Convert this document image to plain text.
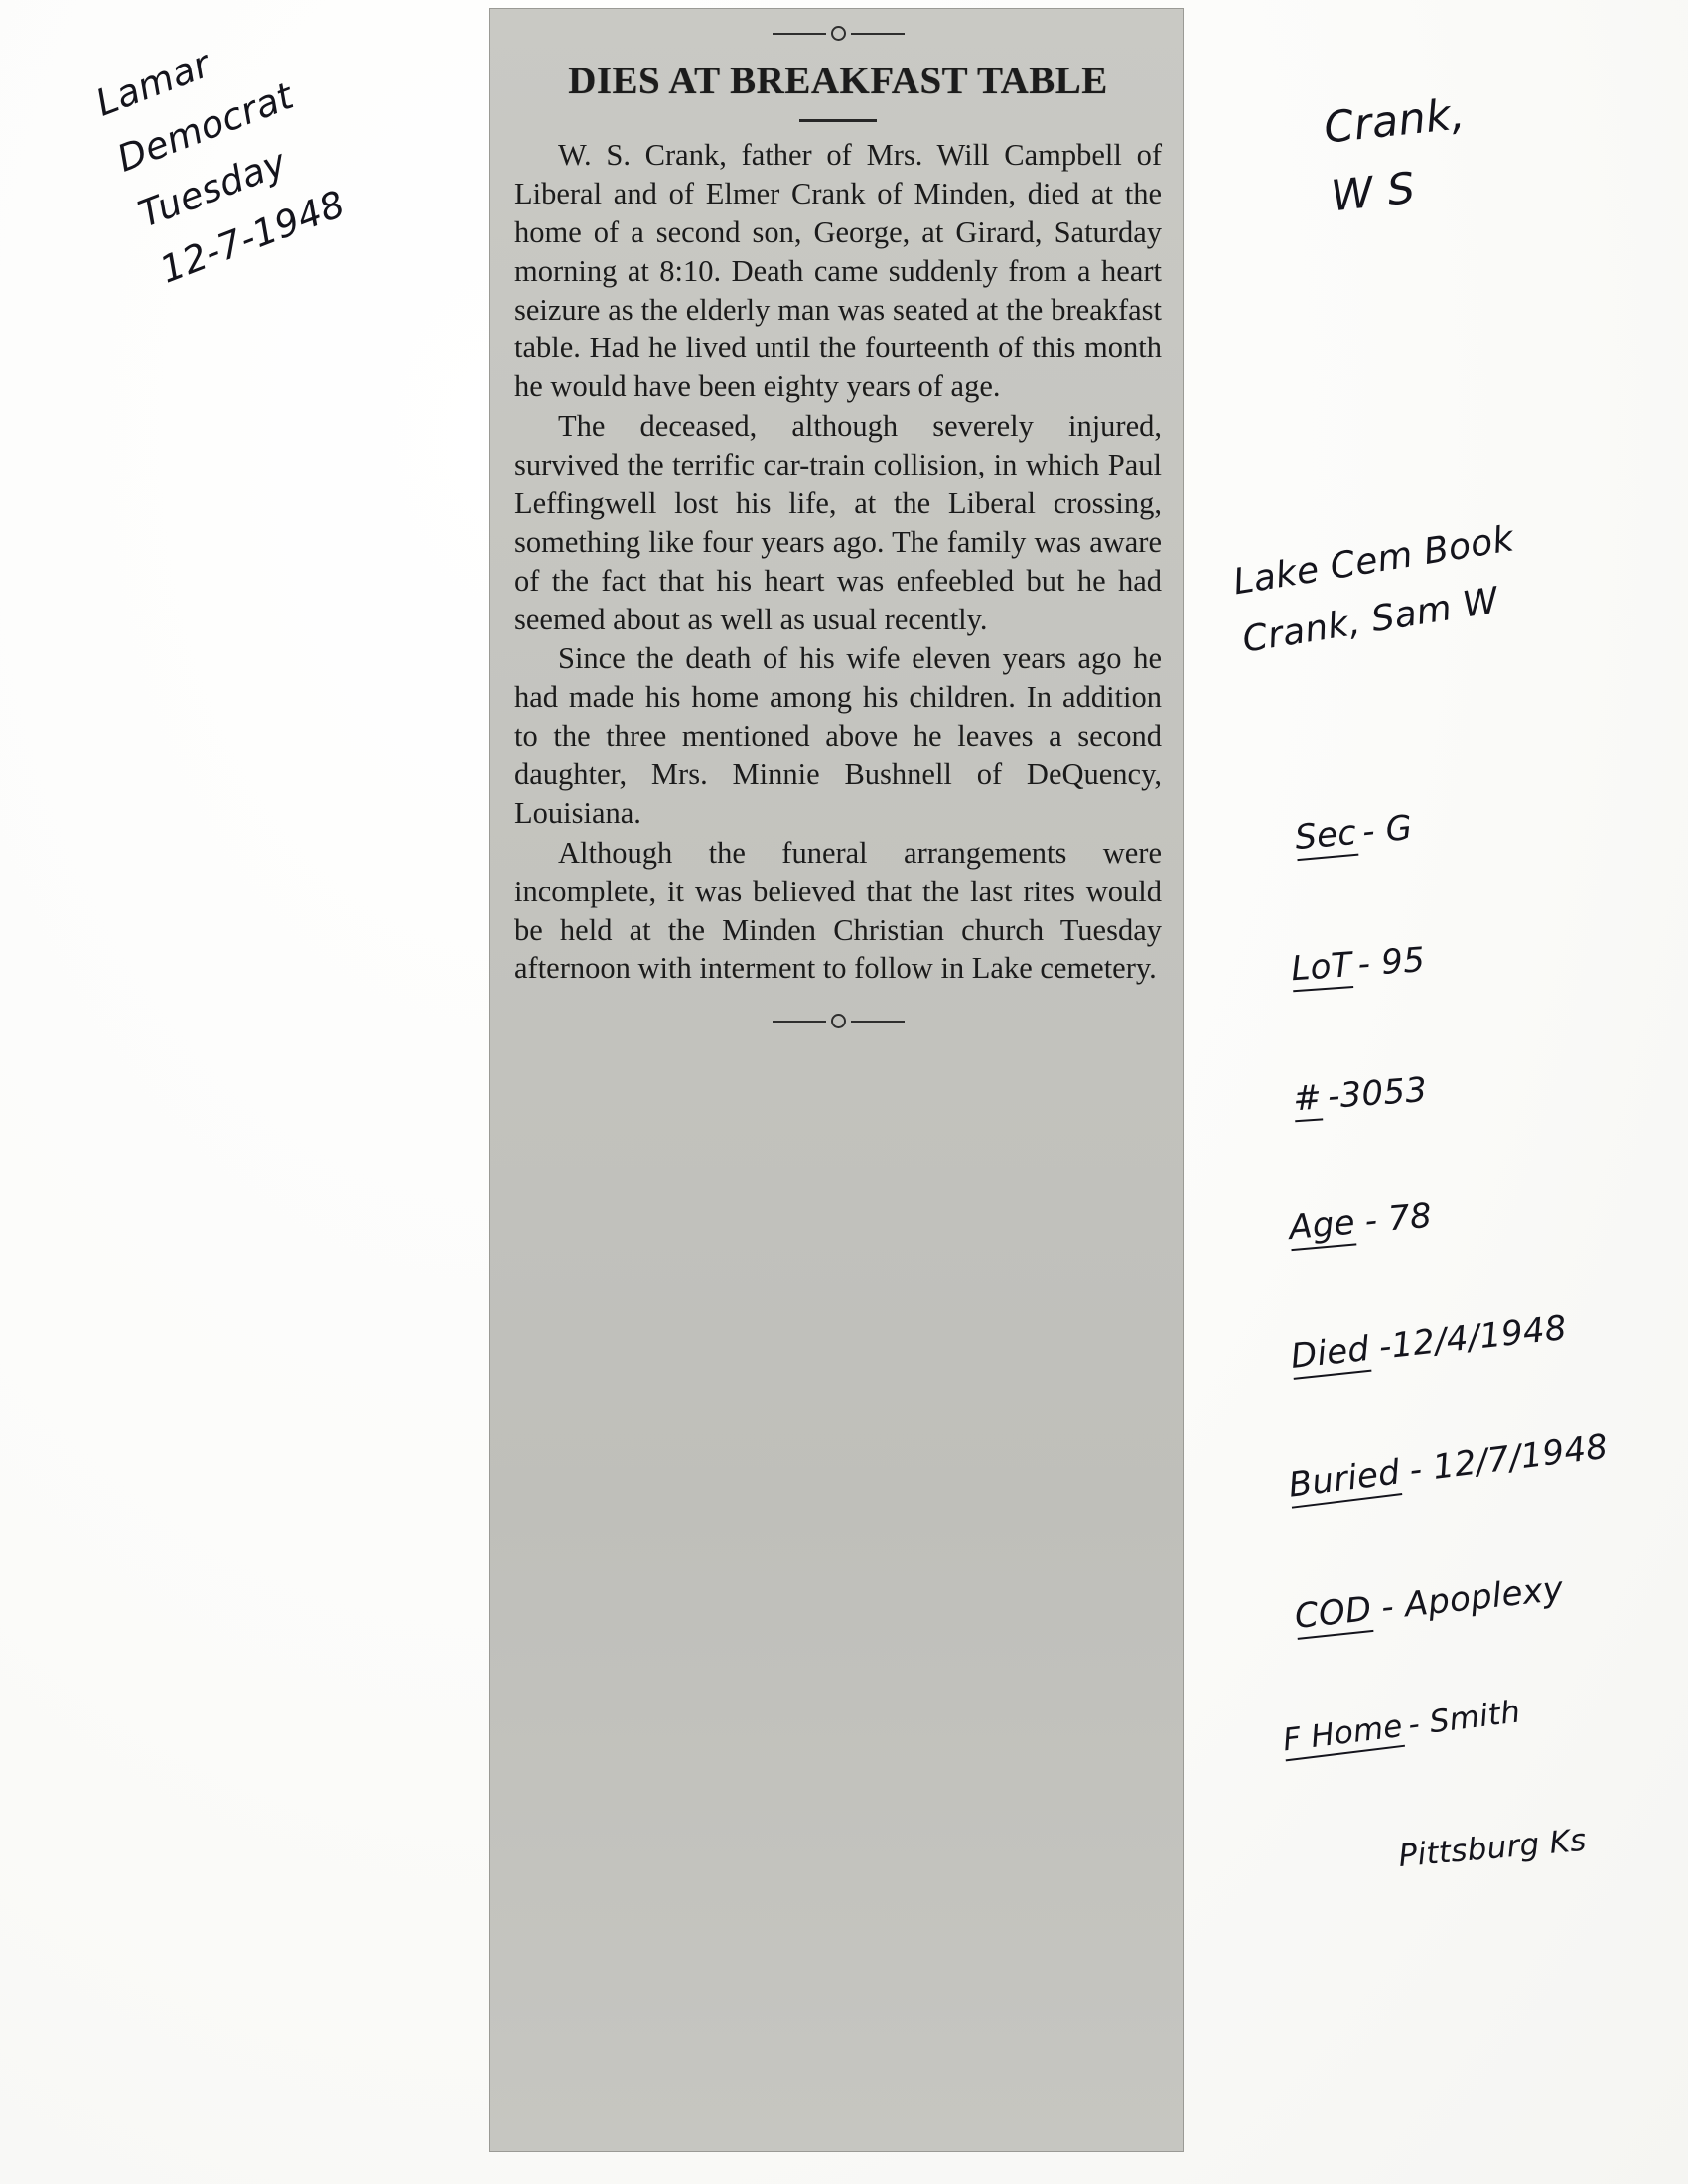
DIES AT BREAKFAST TABLE

W. S. Crank, father of Mrs. Will Campbell of Liberal and of Elmer Crank of Minden, died at the home of a second son, George, at Girard, Saturday morning at 8:10. Death came suddenly from a heart seizure as the elderly man was seated at the breakfast table. Had he lived until the fourteenth of this month he would have been eighty years of age.

The deceased, although severely injured, survived the terrific car-train collision, in which Paul Leffingwell lost his life, at the Liberal crossing, something like four years ago. The family was aware of the fact that his heart was enfeebled but he had seemed about as well as usual recently.

Since the death of his wife eleven years ago he had made his home among his children. In addition to the three mentioned above he leaves a second daughter, Mrs. Minnie Bushnell of DeQuency, Louisiana.

Although the funeral arrangements were incomplete, it was believed that the last rites would be held at the Minden Christian church Tuesday afternoon with interment to follow in Lake cemetery.

Lamar
Democrat
Tuesday
12-7-1948
Crank,
W S
Lake Cem Book
Crank, Sam W

Sec- G

LoT- 95

#-3053

Age - 78

Died -12/4/1948

Buried - 12/7/1948

COD - Apoplexy

F Home- Smith

Pittsburg Ks
